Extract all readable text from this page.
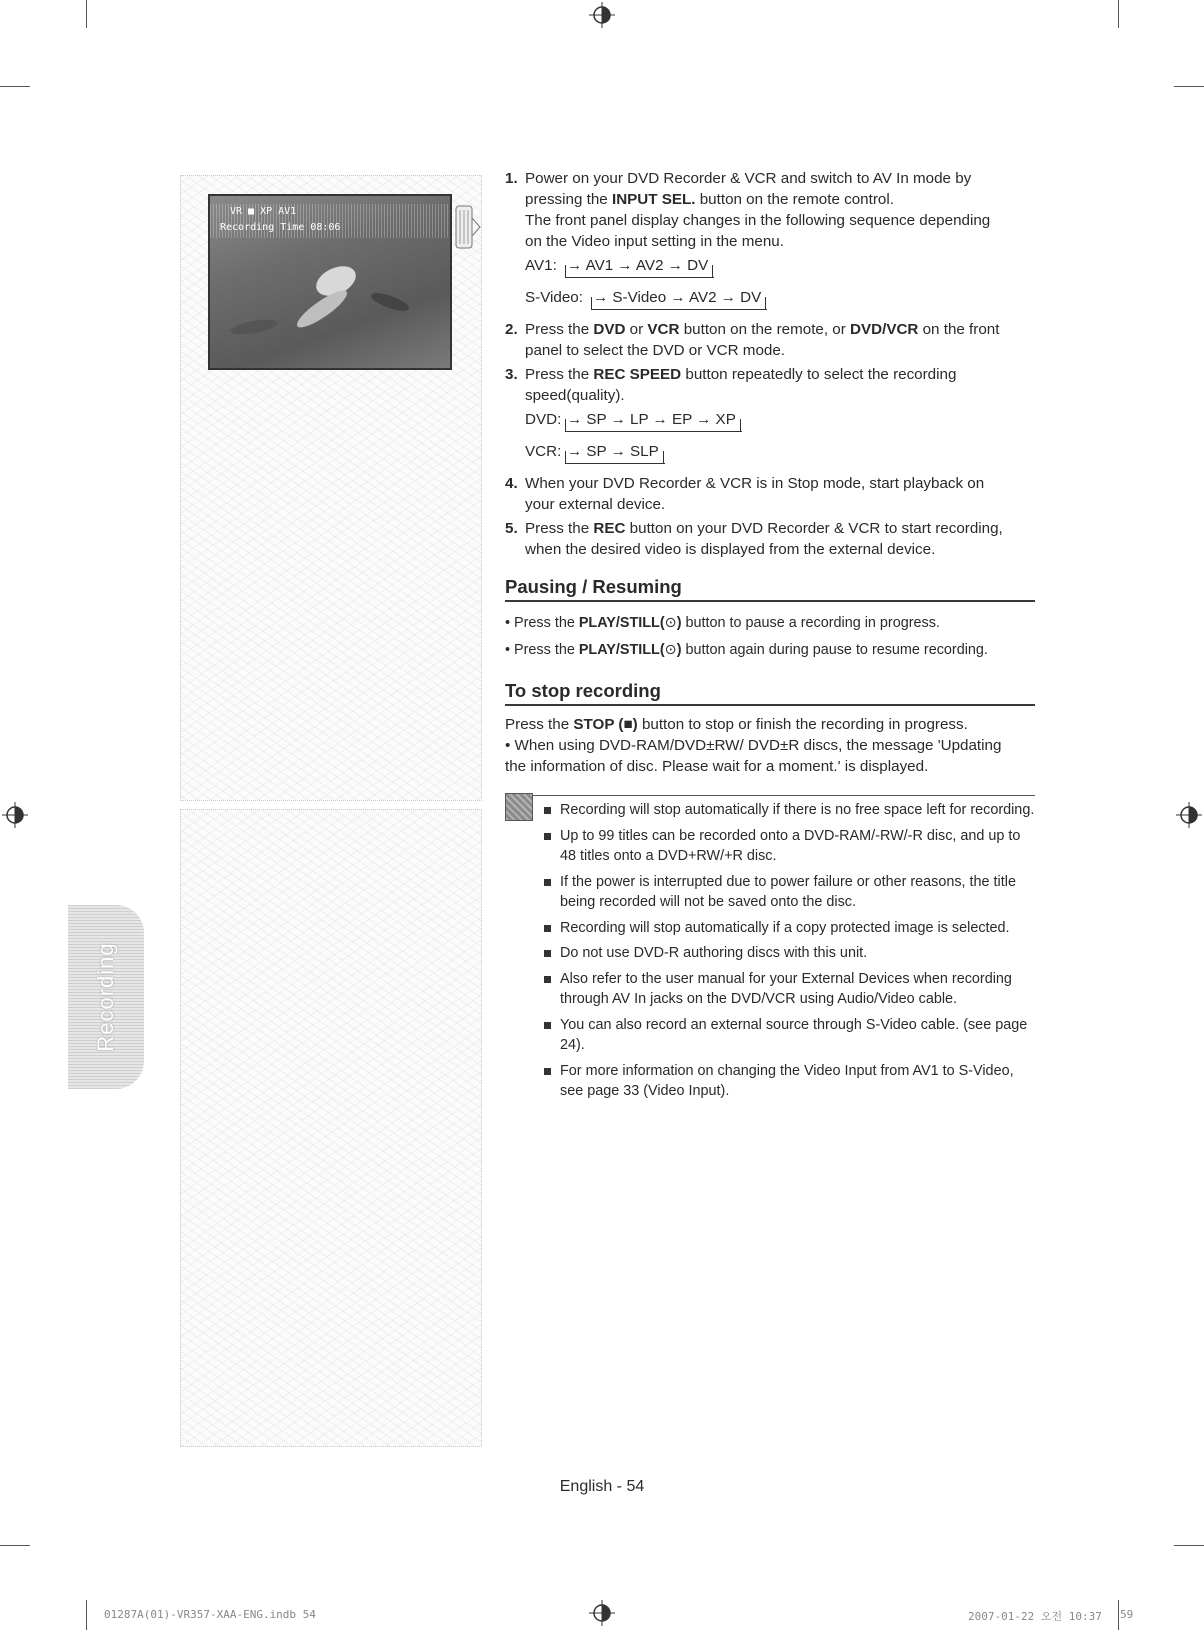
VR ■ XP AV1
Recording Time 08:06
Recording
1. Power on your DVD Recorder & VCR and switch to AV In mode by
pressing the INPUT SEL. button on the remote control.
The front panel display changes in the following sequence depending
on the Video input setting in the menu.
AV1: → AV1 → AV2 → DV
S-Video: → S-Video → AV2 → DV
2. Press the DVD or VCR button on the remote, or DVD/VCR on the front
panel to select the DVD or VCR mode.
3. Press the REC SPEED button repeatedly to select the recording
speed(quality).
DVD: → SP → LP → EP → XP
VCR: → SP → SLP
4. When your DVD Recorder & VCR is in Stop mode, start playback on
your external device.
5. Press the REC button on your DVD Recorder & VCR to start recording,
when the desired video is displayed from the external device.
Pausing / Resuming
• Press the PLAY/STILL(⊙) button to pause a recording in progress.
• Press the PLAY/STILL(⊙) button again during pause to resume recording.
To stop recording
Press the STOP (■) button to stop or finish the recording in progress.
• When using DVD-RAM/DVD±RW/ DVD±R discs, the message 'Updating
the information of disc. Please wait for a moment.' is displayed.
Recording will stop automatically if there is no free space left for recording.
Up to 99 titles can be recorded onto a DVD-RAM/-RW/-R disc, and up to 48 titles onto a DVD+RW/+R disc.
If the power is interrupted due to power failure or other reasons, the title being recorded will not be saved onto the disc.
Recording will stop automatically if a copy protected image is selected.
Do not use DVD-R authoring discs with this unit.
Also refer to the user manual for your External Devices when recording through AV In jacks on the DVD/VCR using Audio/Video cable.
You can also record an external source through S-Video cable. (see page 24).
For more information on changing the Video Input from AV1 to S-Video, see page 33 (Video Input).
English - 54
01287A(01)-VR357-XAA-ENG.indb 54	2007-01-22 오전 10:37 59
